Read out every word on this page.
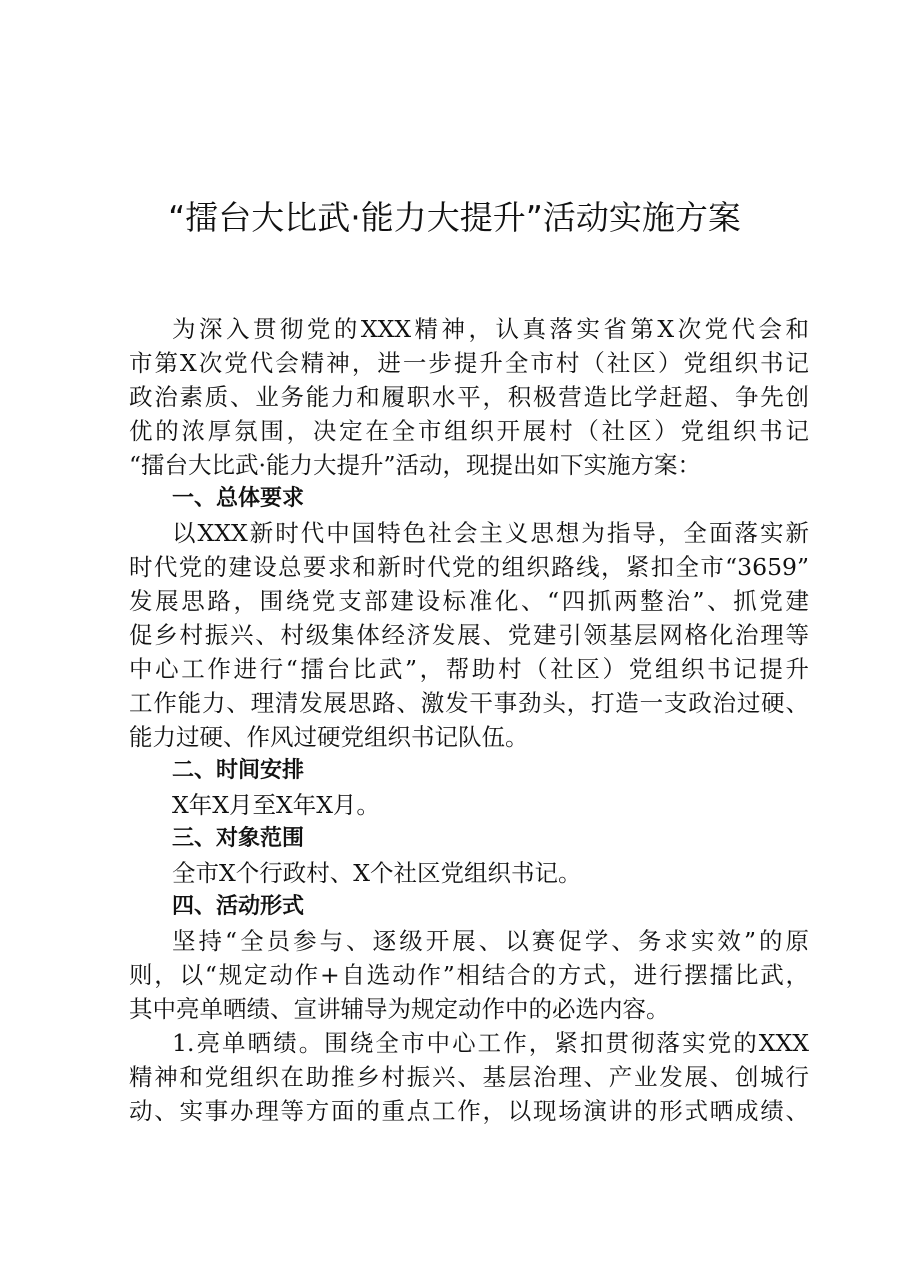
“擂台大比武·能力大提升”活动实施方案
为深入贯彻党的XXX精神，认真落实省第X次党代会和
市第X次党代会精神，进一步提升全市村（社区）党组织书记
政治素质、业务能力和履职水平，积极营造比学赶超、争先创
优的浓厚氛围，决定在全市组织开展村（社区）党组织书记
“擂台大比武·能力大提升”活动，现提出如下实施方案：
一、总体要求
以XXX新时代中国特色社会主义思想为指导，全面落实新
时代党的建设总要求和新时代党的组织路线，紧扣全市“3659”
发展思路，围绕党支部建设标准化、“四抓两整治”、抓党建
促乡村振兴、村级集体经济发展、党建引领基层网格化治理等
中心工作进行“擂台比武”，帮助村（社区）党组织书记提升
工作能力、理清发展思路、激发干事劲头，打造一支政治过硬、
能力过硬、作风过硬党组织书记队伍。
二、时间安排
X年X月至X年X月。
三、对象范围
全市X个行政村、X个社区党组织书记。
四、活动形式
坚持“全员参与、逐级开展、以赛促学、务求实效”的原
则，以“规定动作+自选动作”相结合的方式，进行摆擂比武，
其中亮单晒绩、宣讲辅导为规定动作中的必选内容。
1.亮单晒绩。围绕全市中心工作，紧扣贯彻落实党的XXX
精神和党组织在助推乡村振兴、基层治理、产业发展、创城行
动、实事办理等方面的重点工作，以现场演讲的形式晒成绩、
